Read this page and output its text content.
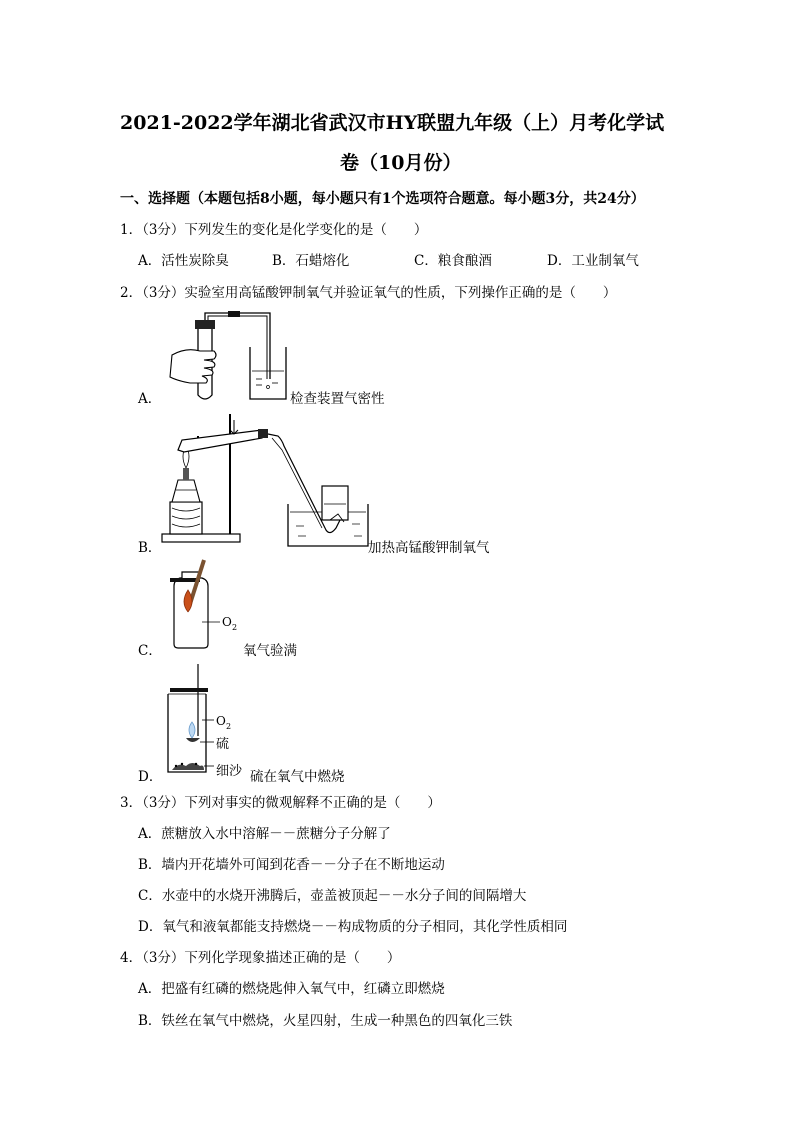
2021-2022学年湖北省武汉市HY联盟九年级（上）月考化学试
卷（10月份）
一、选择题（本题包括8小题，每小题只有1个选项符合题意。每小题3分，共24分）
1．（3分）下列发生的变化是化学变化的是（　　）
A．活性炭除臭	B．石蜡熔化	C．粮食酿酒	D．工业制氧气
2．（3分）实验室用高锰酸钾制氧气并验证氧气的性质，下列操作正确的是（　　）
A．	检查装置气密性
B．	加热高锰酸钾制氧气
C．
O 2
氧气验满
D．
O 2
硫
细沙 硫在氧气中燃烧
3．（3分）下列对事实的微观解释不正确的是（　　）
A．蔗糖放入水中溶解－－蔗糖分子分解了
B．墙内开花墙外可闻到花香－－分子在不断地运动
C．水壶中的水烧开沸腾后，壶盖被顶起－－水分子间的间隔增大
D．氧气和液氧都能支持燃烧－－构成物质的分子相同，其化学性质相同
4．（3分）下列化学现象描述正确的是（　　）
A．把盛有红磷的燃烧匙伸入氧气中，红磷立即燃烧
B．铁丝在氧气中燃烧，火星四射，生成一种黑色的四氧化三铁
